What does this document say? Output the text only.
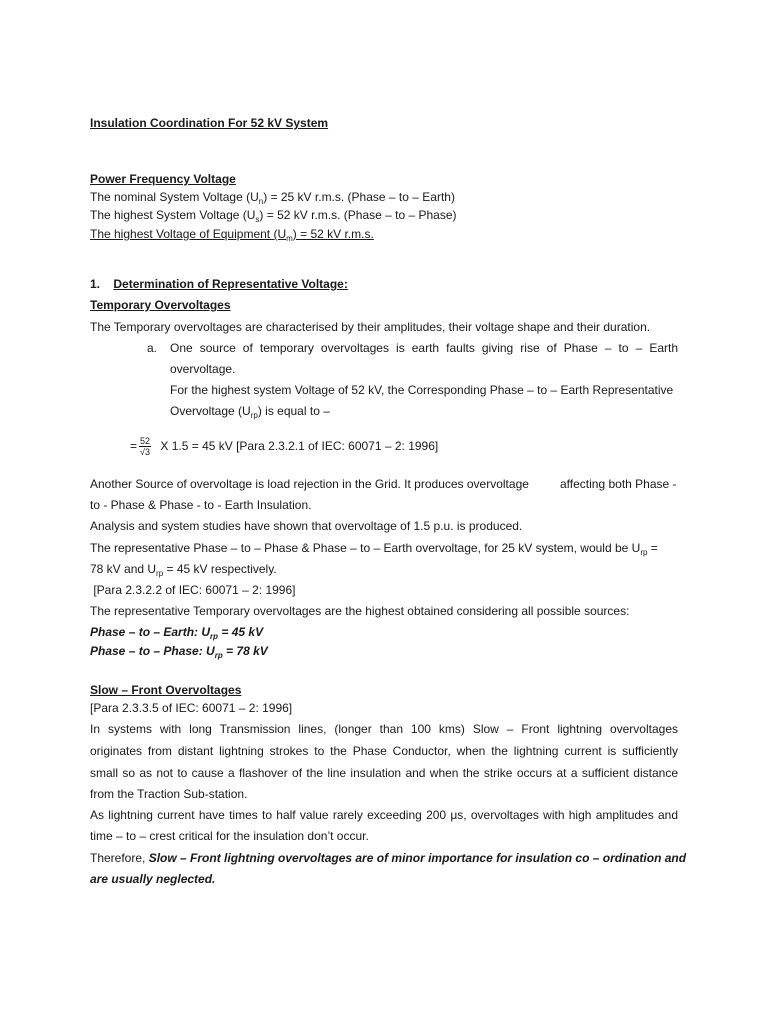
Insulation Coordination For 52 kV System
Power Frequency Voltage
The nominal System Voltage $(U_n) = 25$ kV r.m.s. (Phase – to – Earth)
The highest System Voltage $(U_s) = 52$ kV r.m.s. (Phase – to – Phase)
The highest Voltage of Equipment $(U_m) = 52$ kV r.m.s.
1. Determination of Representative Voltage:
Temporary Overvoltages
The Temporary overvoltages are characterised by their amplitudes, their voltage shape and their duration.
a. One source of temporary overvoltages is earth faults giving rise of Phase – to – Earth
overvoltage.
For the highest system Voltage of 52 kV, the Corresponding Phase – to – Earth Representative
Overvoltage $(U_{rp})$ is equal to –
= $\frac{52}{√3}$ X 1.5 = 45 kV [Para 2.3.2.1 of IEC: 60071 – 2: 1996]
Another Source of overvoltage is load rejection in the Grid. It produces overvoltage	affecting both Phase -
to - Phase & Phase - to - Earth Insulation.
Analysis and system studies have shown that overvoltage of 1.5 p.u. is produced.
The representative Phase – to – Phase & Phase – to – Earth overvoltage, for 25 kV system, would be $U_{rp}$ =
78 kV and $U_{rp} = 45$ kV respectively.
[Para 2.3.2.2 of IEC: 60071 – 2: 1996]
The representative Temporary overvoltages are the highest obtained considering all possible sources:
Phase – to – Earth: $U_{rp} = 45$ kV
Phase – to – Phase: $U_{rp} = 78$ kV
Slow – Front Overvoltages
[Para 2.3.3.5 of IEC: 60071 – 2: 1996]
In systems with long Transmission lines, (longer than 100 kms) Slow – Front lightning overvoltages
originates from distant lightning strokes to the Phase Conductor, when the lightning current is sufficiently
small so as not to cause a flashover of the line insulation and when the strike occurs at a sufficient distance
from the Traction Sub-station.
As lightning current have times to half value rarely exceeding 200 μs, overvoltages with high amplitudes and
time – to – crest critical for the insulation don’t occur.
Therefore, Slow – Front lightning overvoltages are of minor importance for insulation co – ordination and
are usually neglected.
